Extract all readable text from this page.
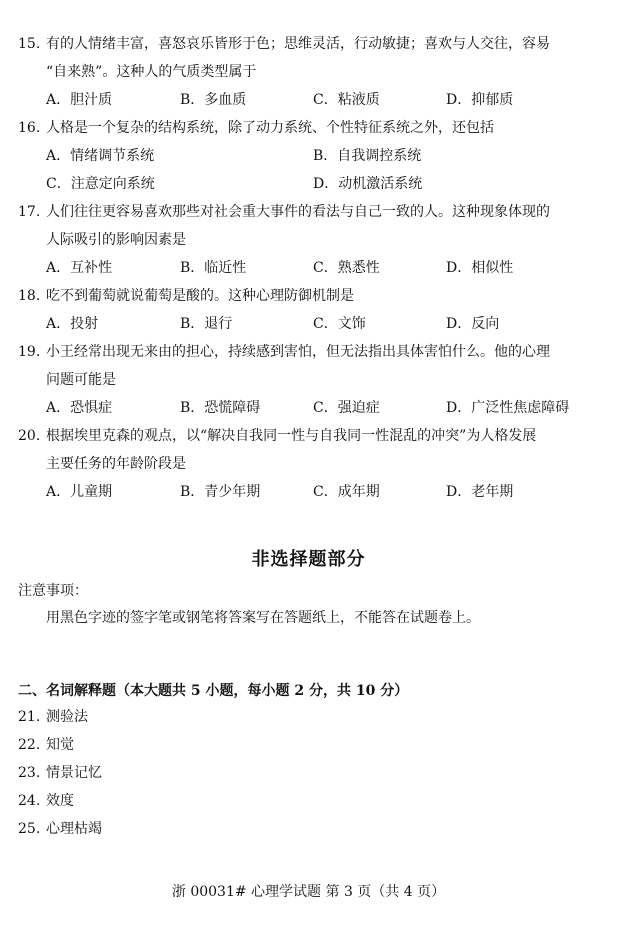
15. 有的人情绪丰富，喜怒哀乐皆形于色；思维灵活，行动敏捷；喜欢与人交往，容易
“自来熟”。这种人的气质类型属于
A．胆汁质	B．多血质	C．粘液质	D．抑郁质
16. 人格是一个复杂的结构系统，除了动力系统、个性特征系统之外，还包括
A．情绪调节系统	B．自我调控系统
C．注意定向系统	D．动机激活系统
17. 人们往往更容易喜欢那些对社会重大事件的看法与自己一致的人。这种现象体现的
人际吸引的影响因素是
A．互补性	B．临近性	C．熟悉性	D．相似性
18. 吃不到葡萄就说葡萄是酸的。这种心理防御机制是
A．投射	B．退行	C．文饰	D．反向
19. 小王经常出现无来由的担心，持续感到害怕，但无法指出具体害怕什么。他的心理
问题可能是
A．恐惧症	B．恐慌障碍	C．强迫症	D．广泛性焦虑障碍
20. 根据埃里克森的观点，以“解决自我同一性与自我同一性混乱的冲突”为人格发展
主要任务的年龄阶段是
A．儿童期	B．青少年期	C．成年期	D．老年期
非选择题部分
注意事项：
用黑色字迹的签字笔或钢笔将答案写在答题纸上，不能答在试题卷上。
二、名词解释题（本大题共 5 小题，每小题 2 分，共 10 分）
21. 测验法
22. 知觉
23. 情景记忆
24. 效度
25. 心理枯竭
浙 00031# 心理学试题 第 3 页（共 4 页）
